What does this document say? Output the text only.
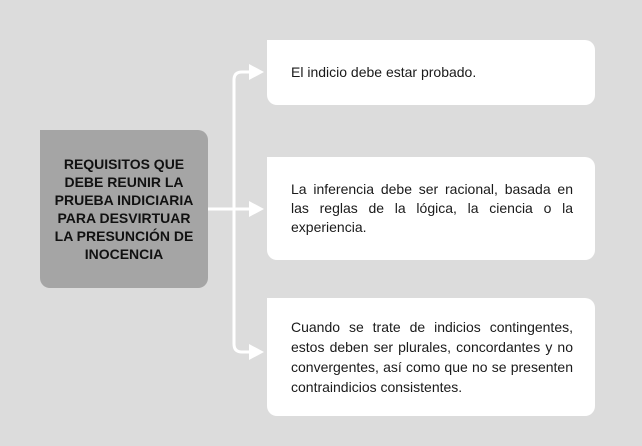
REQUISITOS QUE DEBE REUNIR LA PRUEBA INDICIARIA PARA DESVIRTUAR LA PRESUNCIÓN DE INOCENCIA
El indicio debe estar probado.
La inferencia debe ser racional, basada en las reglas de la lógica, la ciencia o la experiencia.
Cuando se trate de indicios contingentes, estos deben ser plurales, concordantes y no convergentes, así como que no se presenten contraindicios consistentes.
